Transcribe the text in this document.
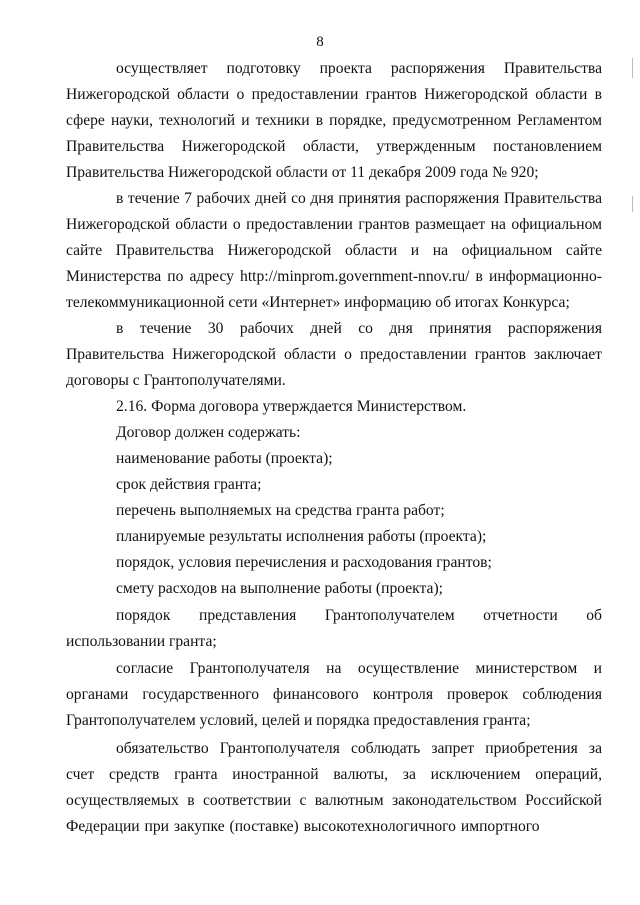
8

осуществляет подготовку проекта распоряжения Правительства Нижегородской области о предоставлении грантов Нижегородской области в сфере науки, технологий и техники в порядке, предусмотренном Регламентом Правительства Нижегородской области, утвержденным постановлением Правительства Нижегородской области от 11 декабря 2009 года № 920;

в течение 7 рабочих дней со дня принятия распоряжения Правительства Нижегородской области о предоставлении грантов размещает на официальном сайте Правительства Нижегородской области и на официальном сайте Министерства по адресу http://minprom.government-nnov.ru/ в информационно-телекоммуникационной сети «Интернет» информацию об итогах Конкурса;

в течение 30 рабочих дней со дня принятия распоряжения Правительства Нижегородской области о предоставлении грантов заключает договоры с Грантополучателями.

2.16. Форма договора утверждается Министерством.

Договор должен содержать:

наименование работы (проекта);

срок действия гранта;

перечень выполняемых на средства гранта работ;

планируемые результаты исполнения работы (проекта);

порядок, условия перечисления и расходования грантов;

смету расходов на выполнение работы (проекта);

порядок представления Грантополучателем отчетности об использовании гранта;

согласие Грантополучателя на осуществление министерством и органами государственного финансового контроля проверок соблюдения Грантополучателем условий, целей и порядка предоставления гранта;

обязательство Грантополучателя соблюдать запрет приобретения за счет средств гранта иностранной валюты, за исключением операций, осуществляемых в соответствии с валютным законодательством Российской Федерации при закупке (поставке) высокотехнологичного импортного
